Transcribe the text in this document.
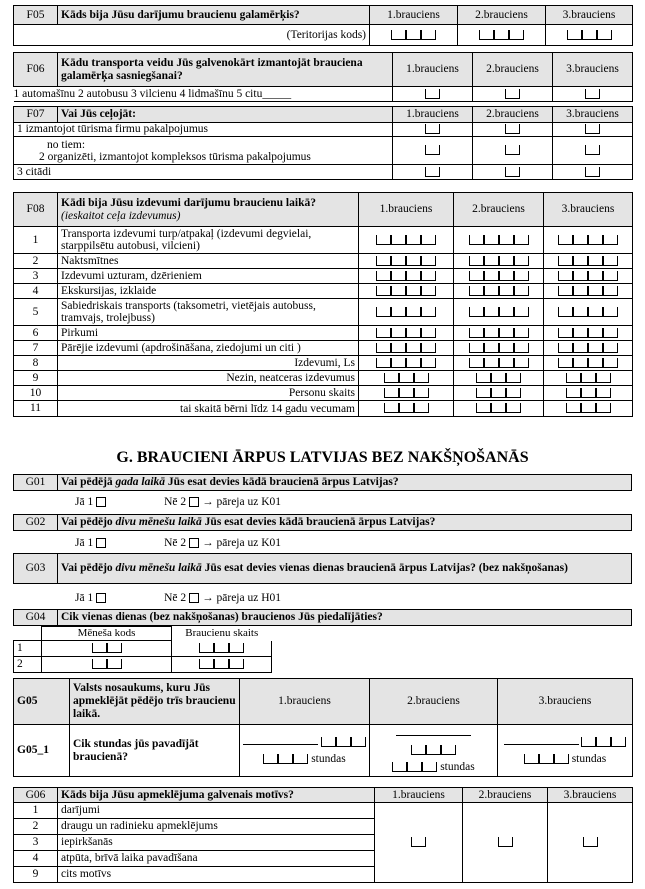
F05	Kāds bija Jūsu darījumu braucienu galamērķis?	1.brauciens	2.brauciens	3.brauciens
(Teritorijas kods)				
F06	Kādu transporta veidu Jūs galvenokārt izmantojāt brauciena galamērķa sasniegšanai?	1.brauciens	2.brauciens	3.brauciens
1 automašīnu 2 autobusu 3 vilcienu 4 lidmašīnu 5 citu_____				
F07	Vai Jūs ceļojāt:	1.brauciens	2.brauciens	3.brauciens
1 izmantojot tūrisma firmu pakalpojumus				

no tiem:
2 organizēti, izmantojot kompleksos tūrisma pakalpojumus				

3 citādi				
F08	Kādi bija Jūsu izdevumi darījumu braucienu laikā? (ieskaitot ceļa izdevumus)	1.brauciens	2.brauciens	3.brauciens
1	Transporta izdevumi turp/atpakaļ (izdevumi degvielai, starppilsētu autobusi, vilcieni)			
2	Naktsmītnes			
3	Izdevumi uzturam, dzērieniem			
4	Ekskursijas, izklaide			
5	Sabiedriskais transports (taksometri, vietējais autobuss, tramvajs, trolejbuss)			
6	Pirkumi			
7	Pārējie izdevumi (apdrošināšana, ziedojumi un citi )			
8	Izdevumi, Ls			
9	Nezin, neatceras izdevumus			
10	Personu skaits			
11	tai skaitā bērni līdz 14 gadu vecumam			
G. BRAUCIENI ĀRPUS LATVIJAS BEZ NAKŠŅOŠANĀS
G01	Vai pēdējā gada laikā Jūs esat devies kādā braucienā ārpus Latvijas?
Jā 1	Nē 2 → pāreja uz K01
G02	Vai pēdējo divu mēnešu laikā Jūs esat devies kādā braucienā ārpus Latvijas?
Jā 1	Nē 2 → pāreja uz K01
G03	Vai pēdējo divu mēnešu laikā Jūs esat devies vienas dienas braucienā ārpus Latvijas? (bez nakšņošanas)
Jā 1	Nē 2 → pāreja uz H01
G04	Cik vienas dienas (bez nakšņošanas) braucienos Jūs piedalījāties?
	Mēneša kods	Braucienu skaits
1		
2		
G05	Valsts nosaukums, kuru Jūs apmeklējāt pēdējo trīs braucienu laikā.	1.brauciens	2.brauciens	3.brauciens
G05_1	Cik stundas jūs pavadījāt braucienā?	stundas	stundas	stundas
G06	Kāds bija Jūsu apmeklējuma galvenais motīvs?	1.brauciens	2.brauciens	3.brauciens
1	darījumi			
2	draugu un radinieku apmeklējums			
3	iepirkšanās			
4	atpūta, brīvā laika pavadīšana			
9	cits motīvs			
